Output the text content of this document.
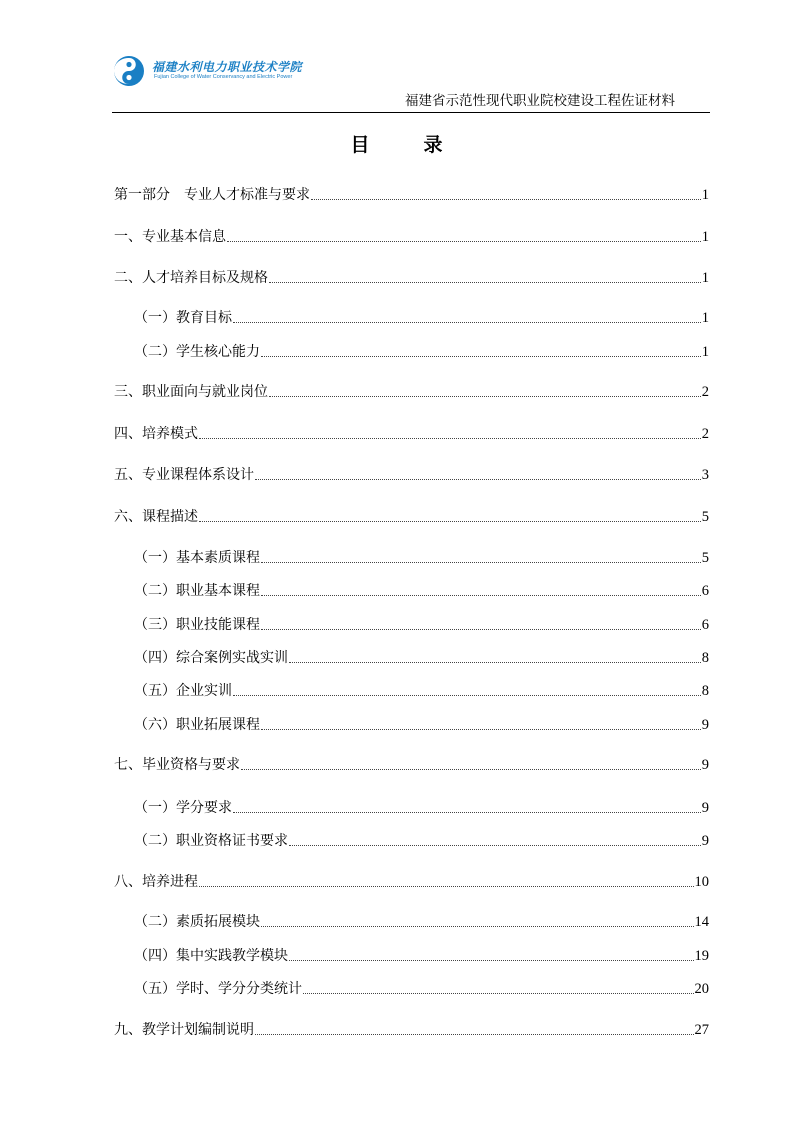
福建水利电力职业技术学院
Fujian College of Water Conservancy and Electric Power
福建省示范性现代职业院校建设工程佐证材料
目	录
第一部分　专业人才标准与要求	1
一、专业基本信息	1
二、人才培养目标及规格	1
（一）教育目标	1
（二）学生核心能力	1
三、职业面向与就业岗位	2
四、培养模式	2
五、专业课程体系设计	3
六、课程描述	5
（一）基本素质课程	5
（二）职业基本课程	6
（三）职业技能课程	6
（四）综合案例实战实训	8
（五）企业实训	8
（六）职业拓展课程	9
七、毕业资格与要求	9
（一）学分要求	9
（二）职业资格证书要求	9
八、培养进程	10
（二）素质拓展模块	14
（四）集中实践教学模块	19
（五）学时、学分分类统计	20
九、教学计划编制说明	27
